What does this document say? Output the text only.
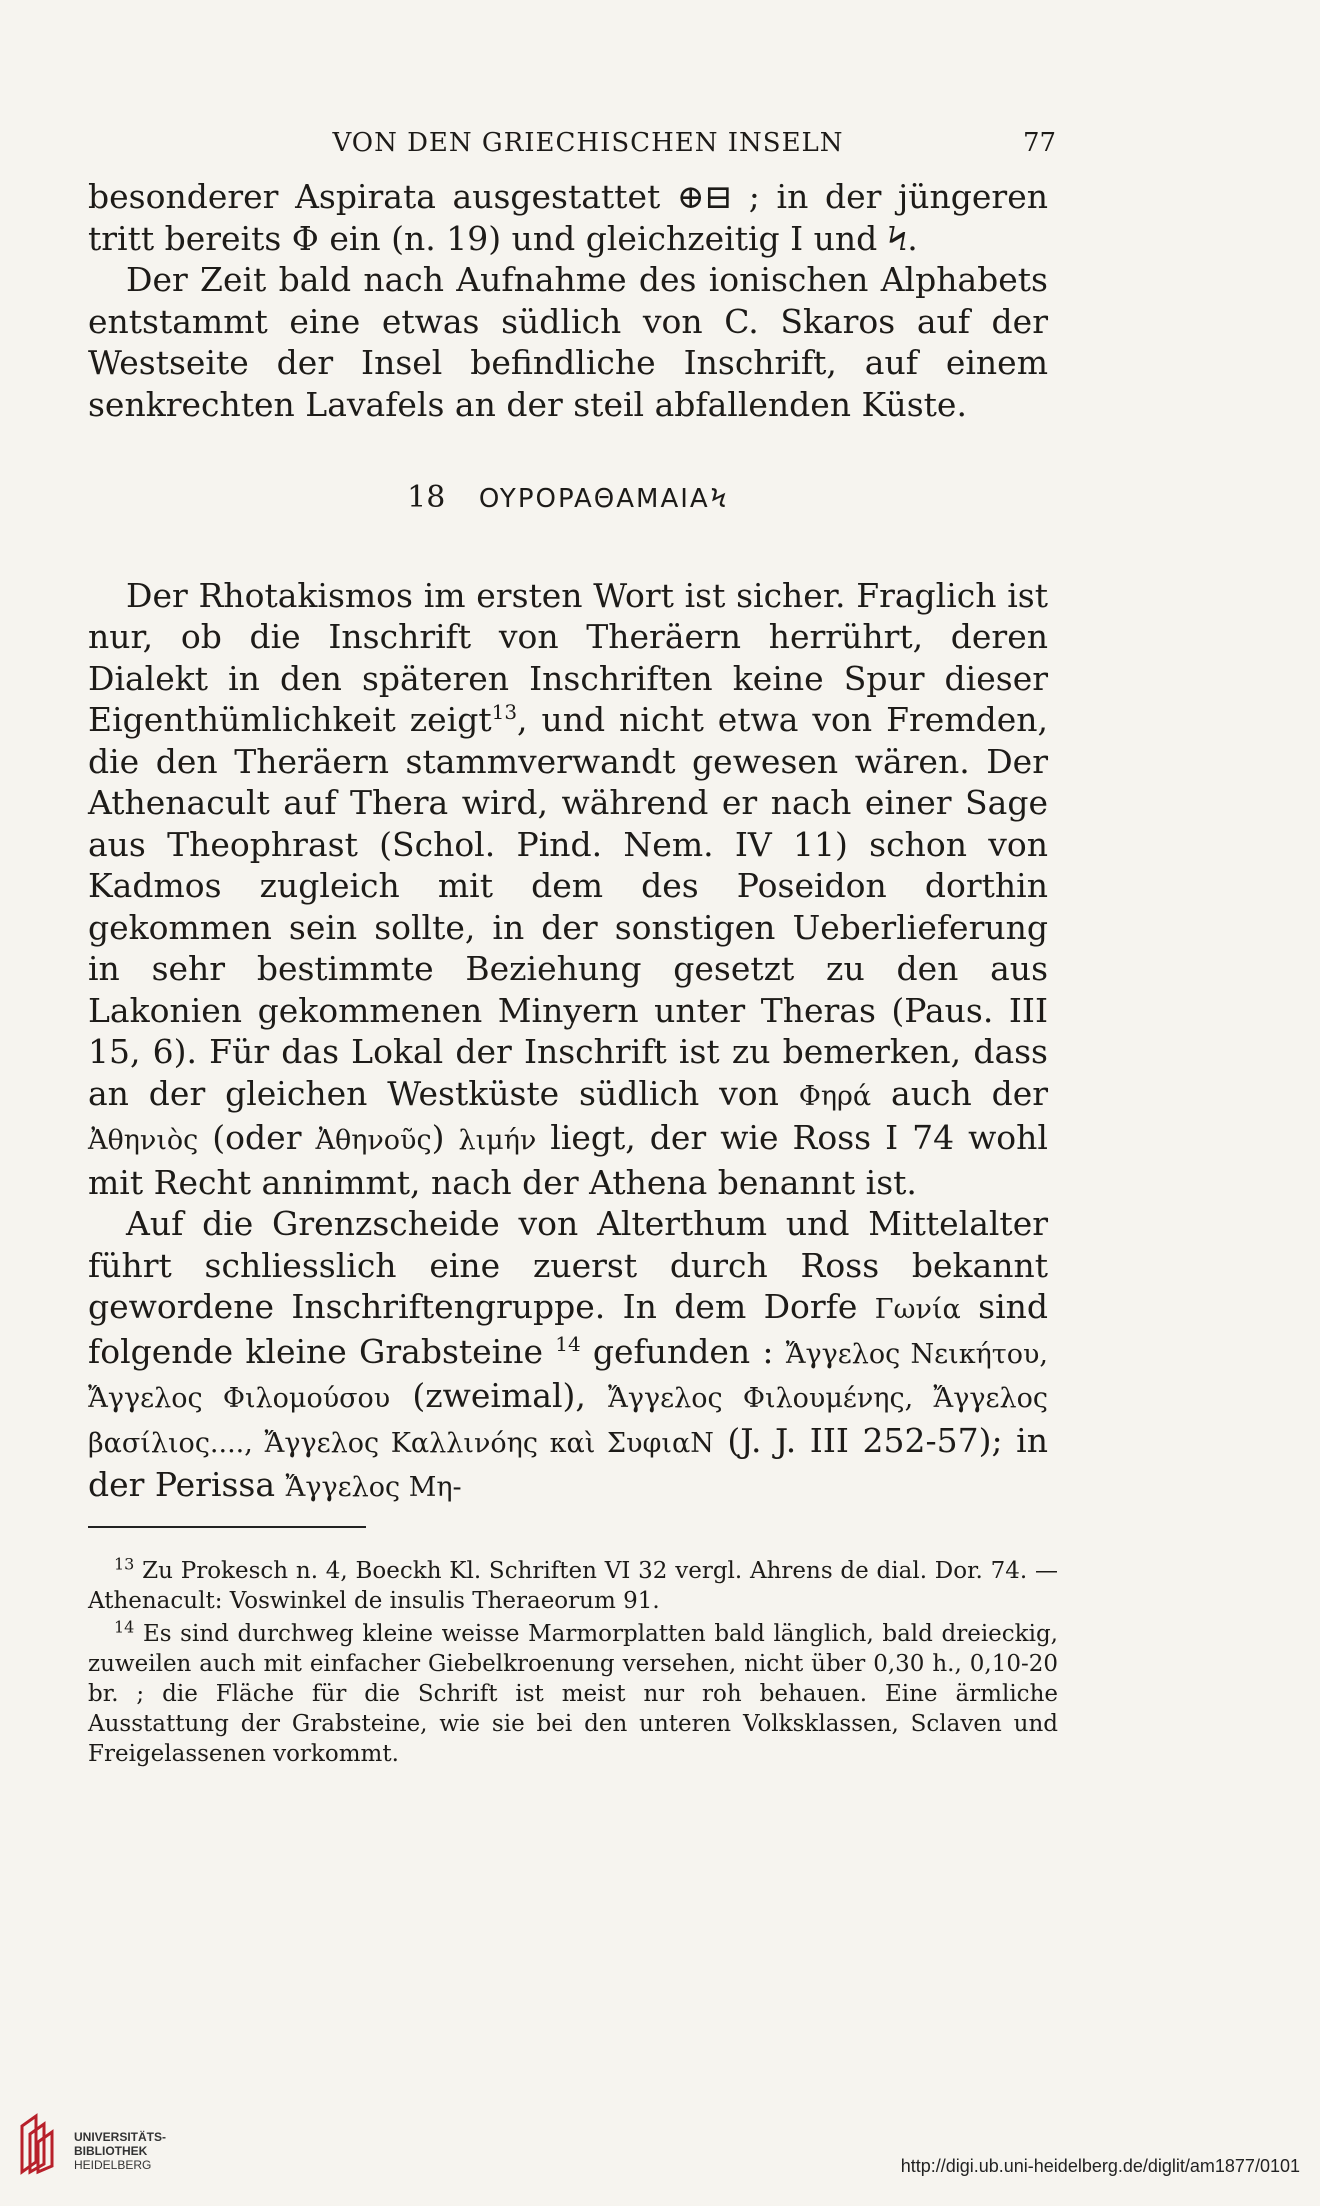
VON DEN GRIECHISCHEN INSELN	77

besonderer Aspirata ausgestattet ⊕⊟ ; in der jüngeren tritt bereits Φ ein (n. 19) und gleichzeitig I und Ϟ.

Der Zeit bald nach Aufnahme des ionischen Alphabets entstammt eine etwas südlich von C. Skaros auf der Westseite der Insel befindliche Inschrift, auf einem senkrechten Lavafels an der steil abfallenden Küste.

18 OYPOPAΘAMAIAϞ

Der Rhotakismos im ersten Wort ist sicher. Fraglich ist nur, ob die Inschrift von Theräern herrührt, deren Dialekt in den späteren Inschriften keine Spur dieser Eigenthümlichkeit zeigt$^{13}$, und nicht etwa von Fremden, die den Theräern stammverwandt gewesen wären. Der Athenacult auf Thera wird, während er nach einer Sage aus Theophrast (Schol. Pind. Nem. IV 11) schon von Kadmos zugleich mit dem des Poseidon dorthin gekommen sein sollte, in der sonstigen Ueberlieferung in sehr bestimmte Beziehung gesetzt zu den aus Lakonien gekommenen Minyern unter Theras (Paus. III 15, 6). Für das Lokal der Inschrift ist zu bemerken, dass an der gleichen Westküste südlich von Φηρά auch der Ἀθηνιὸς (oder Ἀθηνοῦς) λιμήν liegt, der wie Ross I 74 wohl mit Recht annimmt, nach der Athena benannt ist.

Auf die Grenzscheide von Alterthum und Mittelalter führt schliesslich eine zuerst durch Ross bekannt gewordene Inschriftengruppe. In dem Dorfe Γωνία sind folgende kleine Grabsteine $^{14}$ gefunden : Ἄγγελος Νεικήτου, Ἄγγελος Φιλομούσου (zweimal), Ἄγγελος Φιλουμένης, Ἄγγελος βασίλιος...., Ἄγγελος Καλλινόης καὶ ΣυφιαΝ (J. J. III 252-57); in der Perissa Ἄγγελος Μη-

$^{13}$ Zu Prokesch n. 4, Boeckh Kl. Schriften VI 32 vergl. Ahrens de dial. Dor. 74. — Athenacult: Voswinkel de insulis Theraeorum 91.

$^{14}$ Es sind durchweg kleine weisse Marmorplatten bald länglich, bald dreieckig, zuweilen auch mit einfacher Giebelkroenung versehen, nicht über 0,30 h., 0,10-20 br. ; die Fläche für die Schrift ist meist nur roh behauen. Eine ärmliche Ausstattung der Grabsteine, wie sie bei den unteren Volksklassen, Sclaven und Freigelassenen vorkommt.

UNIVERSITÄTS-
BIBLIOTHEK
HEIDELBERG	http://digi.ub.uni-heidelberg.de/diglit/am1877/0101
